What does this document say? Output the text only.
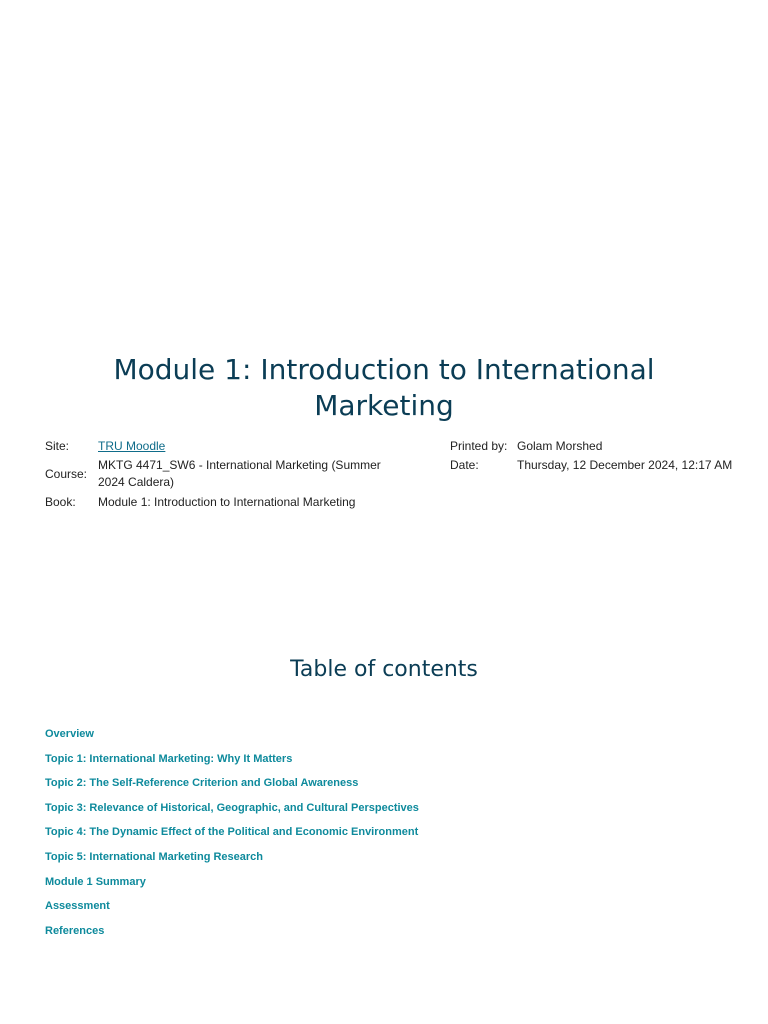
Module 1: Introduction to International Marketing
Site:	TRU Moodle
Course:
MKTG 4471_SW6 - International Marketing (Summer 2024 Caldera)
Book:	Module 1: Introduction to International Marketing
Printed by: Golam Morshed
Date:	Thursday, 12 December 2024, 12:17 AM
Table of contents
Overview
Topic 1: International Marketing: Why It Matters
Topic 2: The Self-Reference Criterion and Global Awareness
Topic 3: Relevance of Historical, Geographic, and Cultural Perspectives
Topic 4: The Dynamic Effect of the Political and Economic Environment
Topic 5: International Marketing Research
Module 1 Summary
Assessment
References
